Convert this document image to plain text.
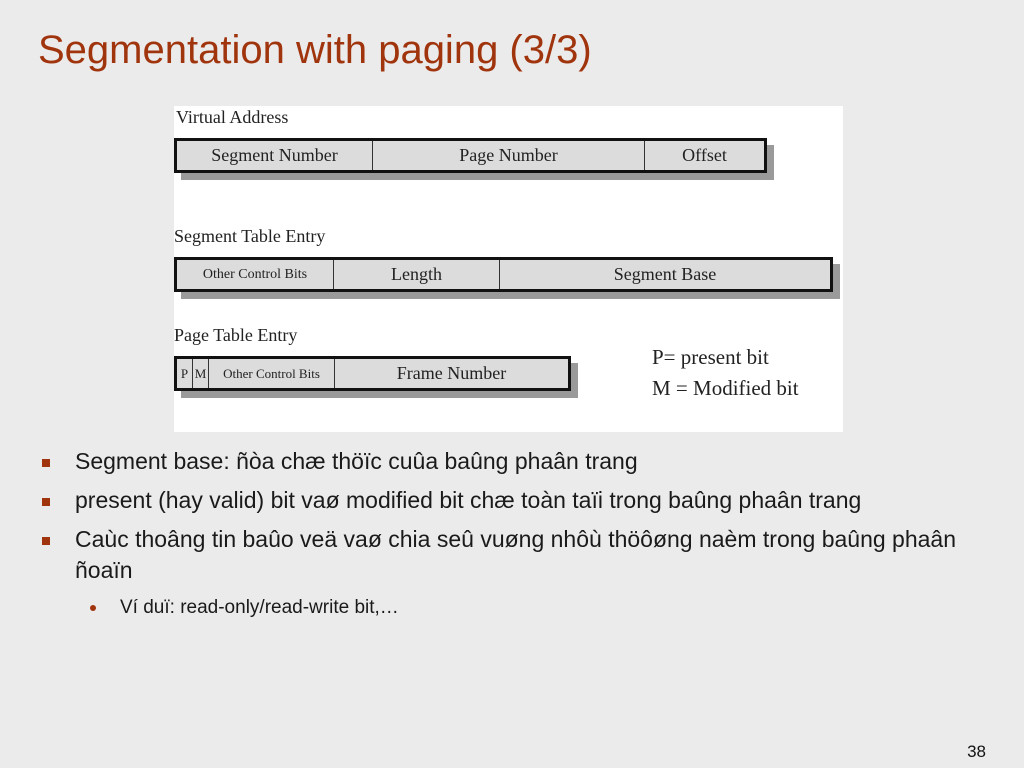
Segmentation with paging (3/3)
Virtual Address
Segment Number	Page Number	Offset
Segment Table Entry
Other Control Bits	Length	Segment Base
Page Table Entry
P M	Other Control Bits	Frame Number
P= present bit
M = Modified bit
Segment base: ñòa chæ thöïc cuûa baûng phaân trang
present (hay valid) bit vaø modified bit chæ toàn taïi trong baûng phaân trang
Caùc thoâng tin baûo veä vaø chia seû vuøng nhôù thöôøng naèm trong baûng phaân ñoaïn
Ví duï: read-only/read-write bit,…
38
